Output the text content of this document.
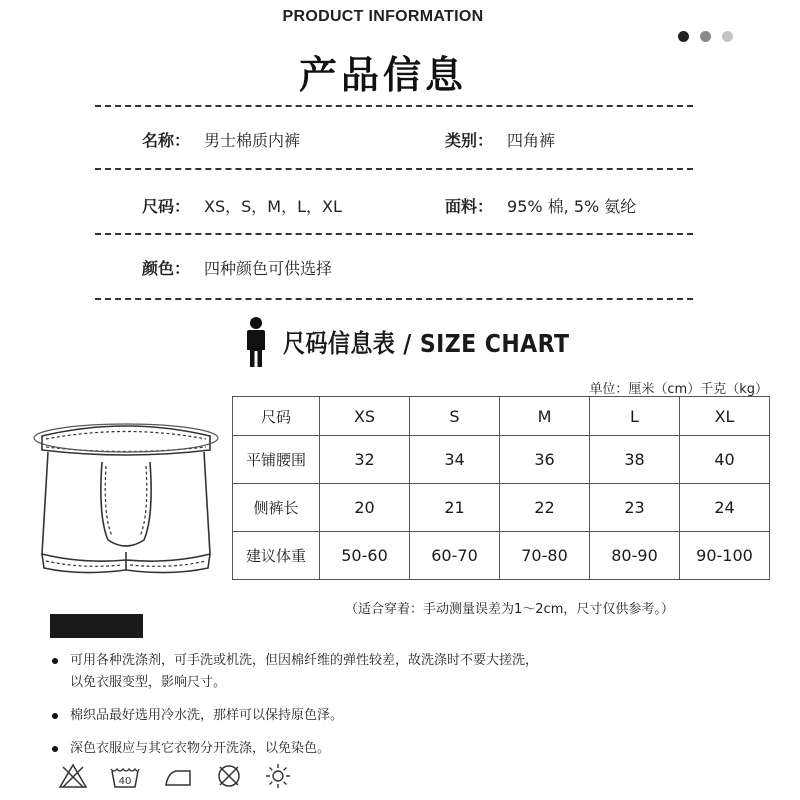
PRODUCT INFORMATION
产品信息
名称： 男士棉质内裤	类别： 四角裤
尺码： XS，S，M，L，XL	面料： 95% 棉, 5% 氨纶
颜色： 四种颜色可供选择
尺码信息表 / SIZE CHART
单位：厘米（cm）千克（kg）
尺码	XS	S	M	L	XL
平铺腰围	32	34	36	38	40
侧裤长	20	21	22	23	24
建议体重	50-60	60-70	70-80	80-90	90-100
（适合穿着：手动测量误差为1～2cm，尺寸仅供参考。）
可用各种洗涤剂，可手洗或机洗，但因棉纤维的弹性较差，故洗涤时不要大搓洗，
以免衣服变型，影响尺寸。
棉织品最好选用冷水洗，那样可以保持原色泽。
深色衣服应与其它衣物分开洗涤，以免染色。
40
